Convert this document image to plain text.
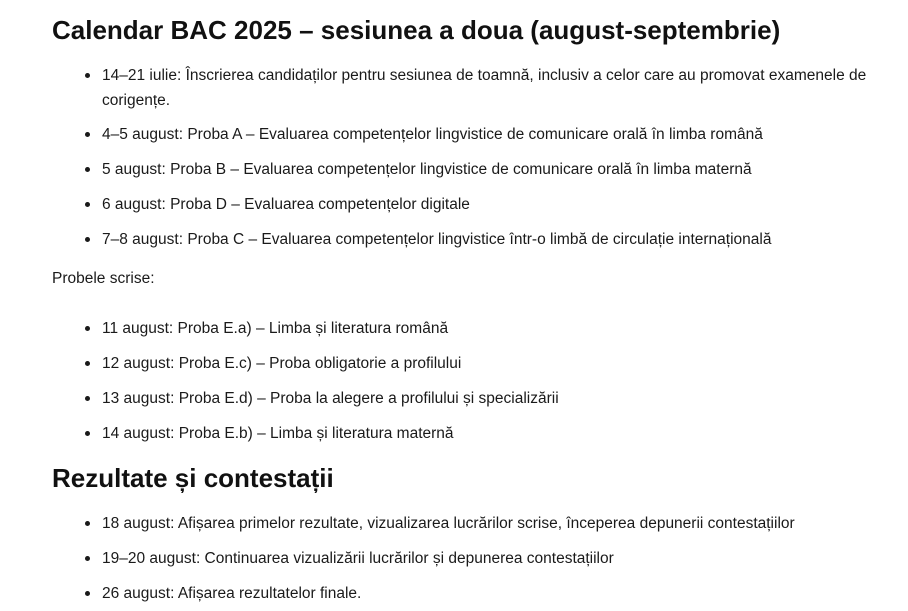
Calendar BAC 2025 – sesiunea a doua (august-septembrie)
14–21 iulie: Înscrierea candidaților pentru sesiunea de toamnă, inclusiv a celor care au promovat examenele de corigențe.
4–5 august: Proba A – Evaluarea competențelor lingvistice de comunicare orală în limba română
5 august: Proba B – Evaluarea competențelor lingvistice de comunicare orală în limba maternă
6 august: Proba D – Evaluarea competențelor digitale
7–8 august: Proba C – Evaluarea competențelor lingvistice într-o limbă de circulație internațională

Probele scrise:

11 august: Proba E.a) – Limba și literatura română
12 august: Proba E.c) – Proba obligatorie a profilului
13 august: Proba E.d) – Proba la alegere a profilului și specializării
14 august: Proba E.b) – Limba și literatura maternă
Rezultate și contestații
18 august: Afișarea primelor rezultate, vizualizarea lucrărilor scrise, începerea depunerii contestațiilor
19–20 august: Continuarea vizualizării lucrărilor și depunerea contestațiilor
26 august: Afișarea rezultatelor finale.
